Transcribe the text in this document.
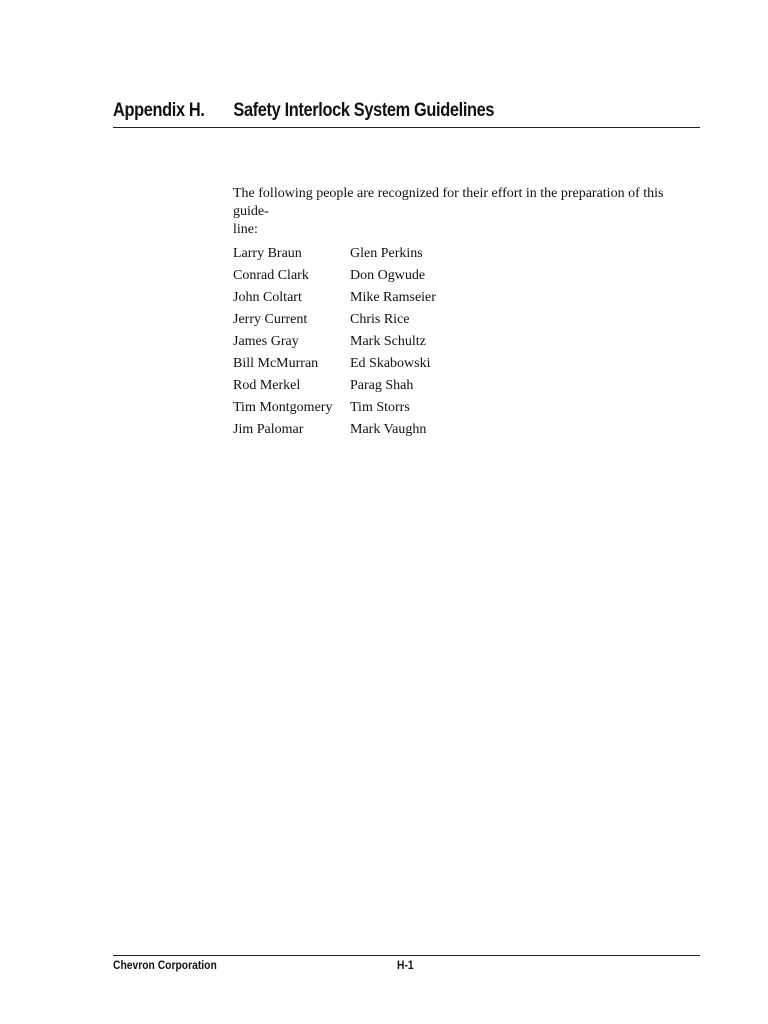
Appendix H. Safety Interlock System Guidelines

The following people are recognized for their effort in the preparation of this guide-
line:

Larry Braun	Glen Perkins
Conrad Clark	Don Ogwude
John Coltart	Mike Ramseier
Jerry Current	Chris Rice
James Gray	Mark Schultz
Bill McMurran	Ed Skabowski
Rod Merkel	Parag Shah
Tim Montgomery	Tim Storrs
Jim Palomar	Mark Vaughn
Chevron Corporation	H-1
